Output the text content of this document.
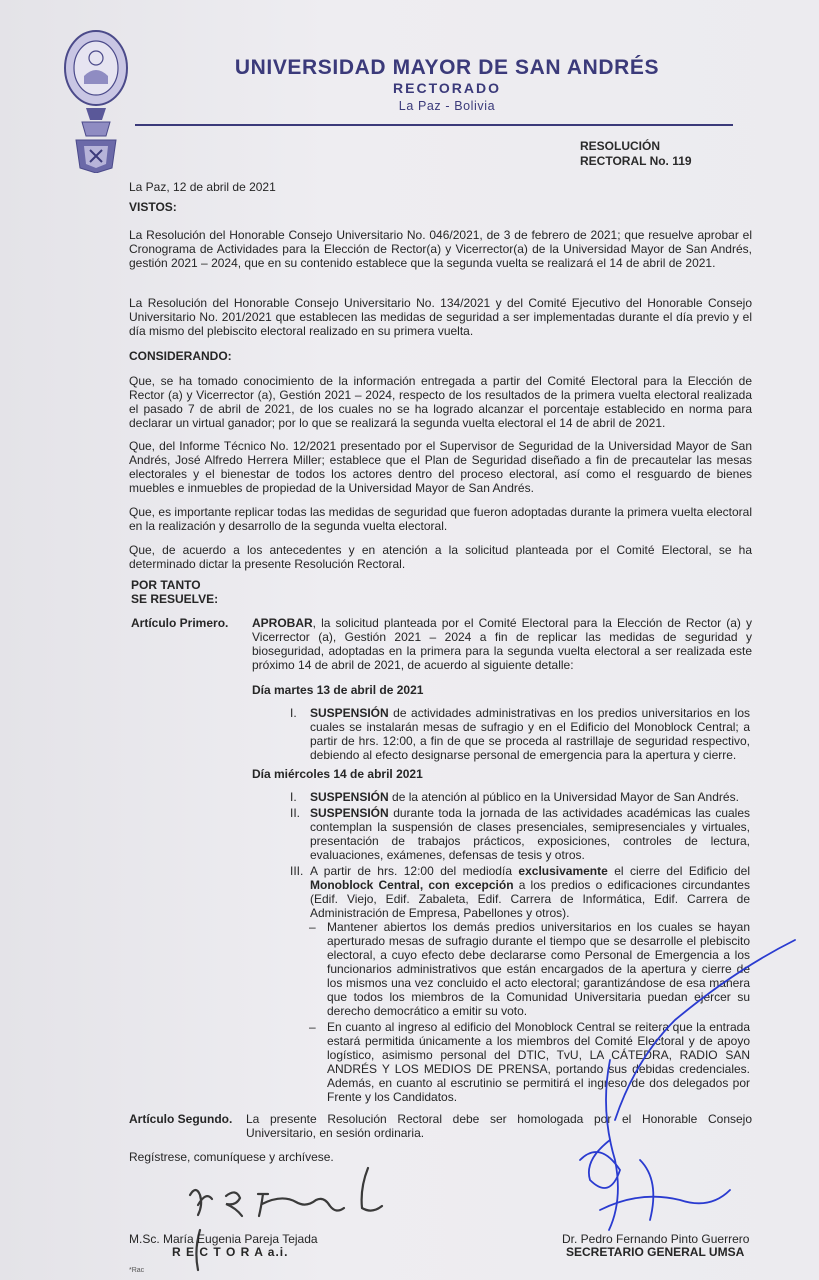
UNIVERSIDAD MAYOR DE SAN ANDRÉS
RECTORADO
La Paz - Bolivia
RESOLUCIÓN
RECTORAL No. 119
La Paz, 12 de abril de 2021
VISTOS:
La Resolución del Honorable Consejo Universitario No. 046/2021, de 3 de febrero de 2021; que resuelve aprobar el Cronograma de Actividades para la Elección de Rector(a) y Vicerrector(a) de la Universidad Mayor de San Andrés, gestión 2021 – 2024, que en su contenido establece que la segunda vuelta se realizará el 14 de abril de 2021.
La Resolución del Honorable Consejo Universitario No. 134/2021 y del Comité Ejecutivo del Honorable Consejo Universitario No. 201/2021 que establecen las medidas de seguridad a ser implementadas durante el día previo y el día mismo del plebiscito electoral realizado en su primera vuelta.
CONSIDERANDO:
Que, se ha tomado conocimiento de la información entregada a partir del Comité Electoral para la Elección de Rector (a) y Vicerrector (a), Gestión 2021 – 2024, respecto de los resultados de la primera vuelta electoral realizada el pasado 7 de abril de 2021, de los cuales no se ha logrado alcanzar el porcentaje establecido en norma para declarar un virtual ganador; por lo que se realizará la segunda vuelta electoral el 14 de abril de 2021.
Que, del Informe Técnico No. 12/2021 presentado por el Supervisor de Seguridad de la Universidad Mayor de San Andrés, José Alfredo Herrera Miller; establece que el Plan de Seguridad diseñado a fin de precautelar las mesas electorales y el bienestar de todos los actores dentro del proceso electoral, así como el resguardo de bienes muebles e inmuebles de propiedad de la Universidad Mayor de San Andrés.
Que, es importante replicar todas las medidas de seguridad que fueron adoptadas durante la primera vuelta electoral en la realización y desarrollo de la segunda vuelta electoral.
Que, de acuerdo a los antecedentes y en atención a la solicitud planteada por el Comité Electoral, se ha determinado dictar la presente Resolución Rectoral.
POR TANTO
SE RESUELVE:
Artículo Primero. APROBAR, la solicitud planteada por el Comité Electoral para la Elección de Rector (a) y Vicerrector (a), Gestión 2021 – 2024 a fin de replicar las medidas de seguridad y bioseguridad, adoptadas en la primera para la segunda vuelta electoral a ser realizada este próximo 14 de abril de 2021, de acuerdo al siguiente detalle:
Día martes 13 de abril de 2021
I. SUSPENSIÓN de actividades administrativas en los predios universitarios en los cuales se instalarán mesas de sufragio y en el Edificio del Monoblock Central; a partir de hrs. 12:00, a fin de que se proceda al rastrillaje de seguridad respectivo, debiendo al efecto designarse personal de emergencia para la apertura y cierre.
Día miércoles 14 de abril 2021
I. SUSPENSIÓN de la atención al público en la Universidad Mayor de San Andrés.
II. SUSPENSIÓN durante toda la jornada de las actividades académicas las cuales contemplan la suspensión de clases presenciales, semipresenciales y virtuales, presentación de trabajos prácticos, exposiciones, controles de lectura, evaluaciones, exámenes, defensas de tesis y otros.
III. A partir de hrs. 12:00 del mediodía exclusivamente el cierre del Edificio del Monoblock Central, con excepción a los predios o edificaciones circundantes (Edif. Viejo, Edif. Zabaleta, Edif. Carrera de Informática, Edif. Carrera de Administración de Empresa, Pabellones y otros).
– Mantener abiertos los demás predios universitarios en los cuales se hayan aperturado mesas de sufragio durante el tiempo que se desarrolle el plebiscito electoral, a cuyo efecto debe declararse como Personal de Emergencia a los funcionarios administrativos que están encargados de la apertura y cierre de los mismos una vez concluido el acto electoral; garantizándose de esa manera que todos los miembros de la Comunidad Universitaria puedan ejercer su derecho democrático a emitir su voto.
– En cuanto al ingreso al edificio del Monoblock Central se reitera que la entrada estará permitida únicamente a los miembros del Comité Electoral y de apoyo logístico, asimismo personal del DTIC, TvU, LA CÁTEDRA, RADIO SAN ANDRÉS Y LOS MEDIOS DE PRENSA, portando sus debidas credenciales. Además, en cuanto al escrutinio se permitirá el ingreso de dos delegados por Frente y los Candidatos.
Artículo Segundo. La presente Resolución Rectoral debe ser homologada por el Honorable Consejo Universitario, en sesión ordinaria.
Regístrese, comuníquese y archívese.
M.Sc. María Eugenia Pareja Tejada
R E C T O R A a.i.
Dr. Pedro Fernando Pinto Guerrero
SECRETARIO GENERAL UMSA
*Rac
